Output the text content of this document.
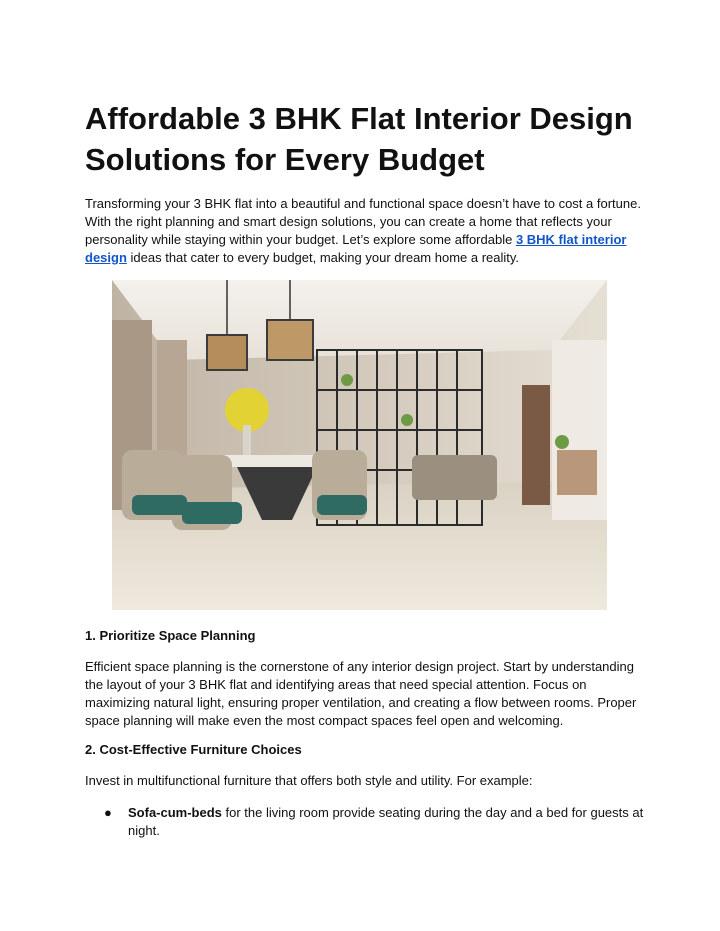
Affordable 3 BHK Flat Interior Design Solutions for Every Budget

Transforming your 3 BHK flat into a beautiful and functional space doesn’t have to cost a fortune. With the right planning and smart design solutions, you can create a home that reflects your personality while staying within your budget. Let’s explore some affordable 3 BHK flat interior design ideas that cater to every budget, making your dream home a reality.

1. Prioritize Space Planning

Efficient space planning is the cornerstone of any interior design project. Start by understanding the layout of your 3 BHK flat and identifying areas that need special attention. Focus on maximizing natural light, ensuring proper ventilation, and creating a flow between rooms. Proper space planning will make even the most compact spaces feel open and welcoming.

2. Cost-Effective Furniture Choices

Invest in multifunctional furniture that offers both style and utility. For example:

● Sofa-cum-beds for the living room provide seating during the day and a bed for guests at night.
